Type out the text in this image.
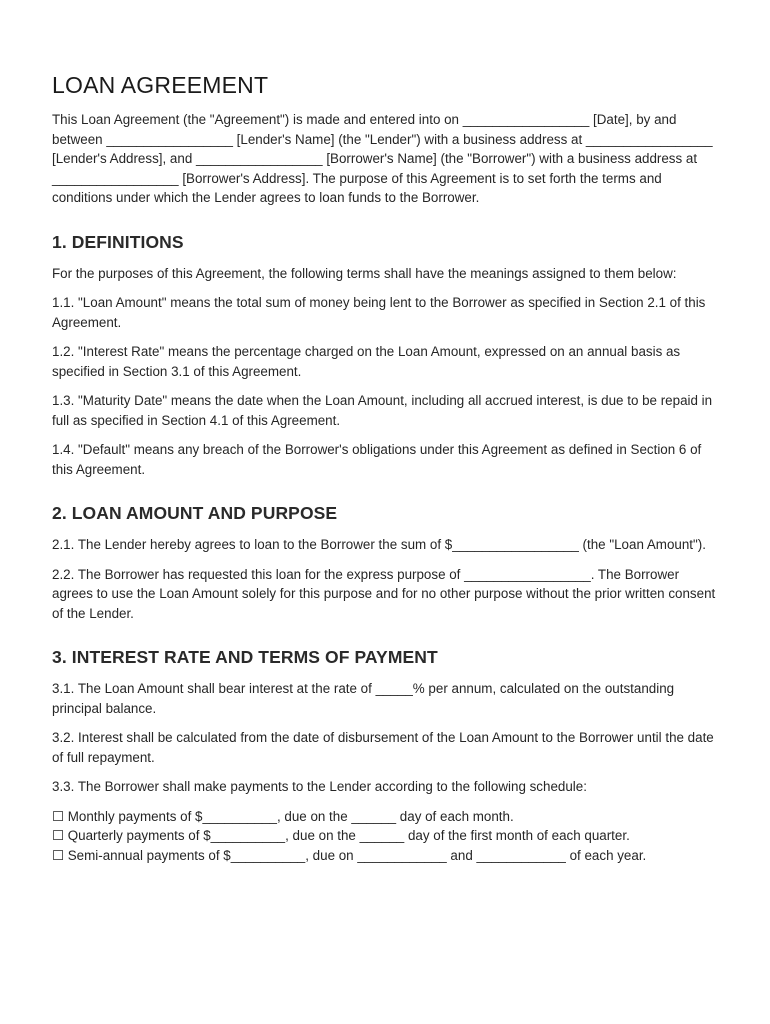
LOAN AGREEMENT

This Loan Agreement (the "Agreement") is made and entered into on _________________ [Date], by and between _________________ [Lender's Name] (the "Lender") with a business address at _________________ [Lender's Address], and _________________ [Borrower's Name] (the "Borrower") with a business address at _________________ [Borrower's Address]. The purpose of this Agreement is to set forth the terms and conditions under which the Lender agrees to loan funds to the Borrower.

1. DEFINITIONS

For the purposes of this Agreement, the following terms shall have the meanings assigned to them below:

1.1. "Loan Amount" means the total sum of money being lent to the Borrower as specified in Section 2.1 of this Agreement.

1.2. "Interest Rate" means the percentage charged on the Loan Amount, expressed on an annual basis as specified in Section 3.1 of this Agreement.

1.3. "Maturity Date" means the date when the Loan Amount, including all accrued interest, is due to be repaid in full as specified in Section 4.1 of this Agreement.

1.4. "Default" means any breach of the Borrower's obligations under this Agreement as defined in Section 6 of this Agreement.

2. LOAN AMOUNT AND PURPOSE

2.1. The Lender hereby agrees to loan to the Borrower the sum of $_________________ (the "Loan Amount").

2.2. The Borrower has requested this loan for the express purpose of _________________. The Borrower agrees to use the Loan Amount solely for this purpose and for no other purpose without the prior written consent of the Lender.

3. INTEREST RATE AND TERMS OF PAYMENT

3.1. The Loan Amount shall bear interest at the rate of _____% per annum, calculated on the outstanding principal balance.

3.2. Interest shall be calculated from the date of disbursement of the Loan Amount to the Borrower until the date of full repayment.

3.3. The Borrower shall make payments to the Lender according to the following schedule:

☐ Monthly payments of $__________, due on the ______ day of each month.
☐ Quarterly payments of $__________, due on the ______ day of the first month of each quarter.
☐ Semi-annual payments of $__________, due on ____________ and ____________ of each year.
